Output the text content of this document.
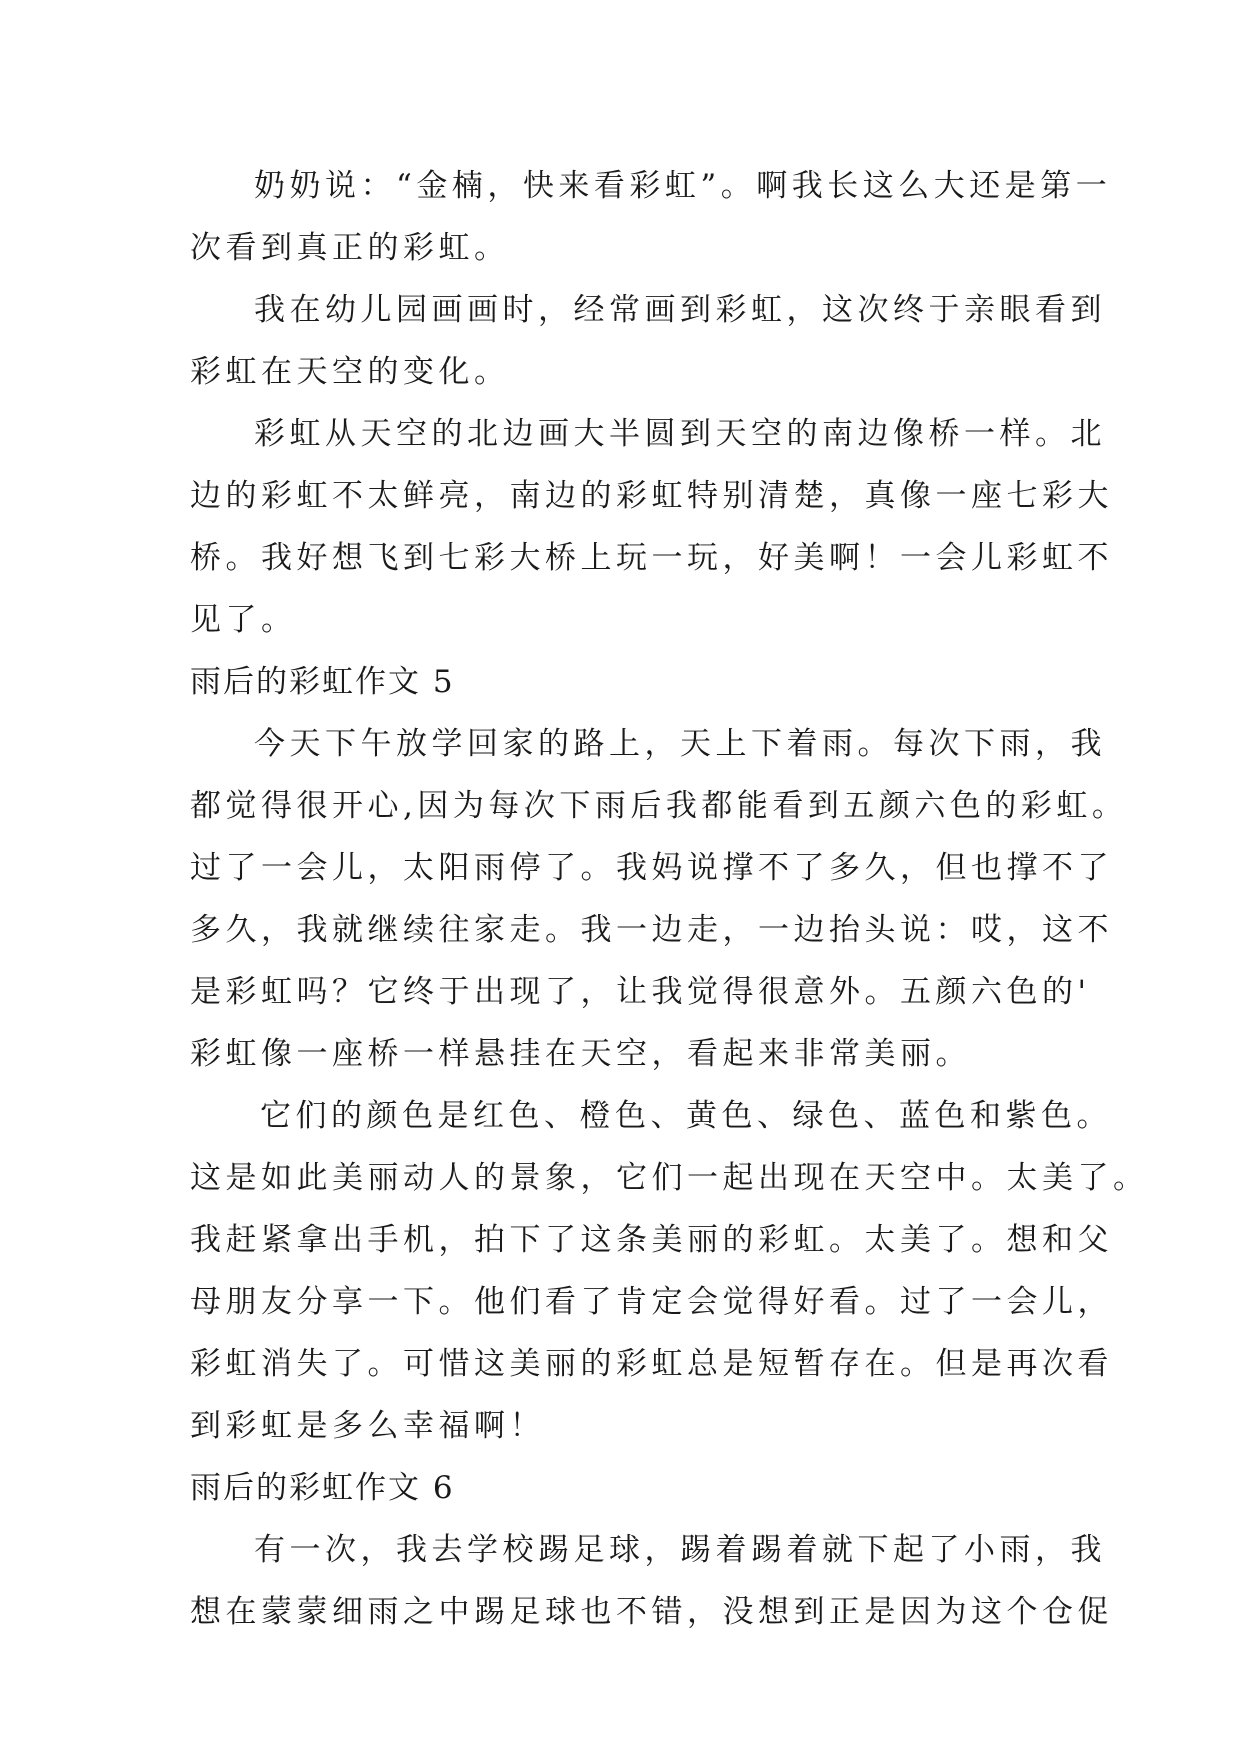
奶奶说：“金楠，快来看彩虹”。啊我长这么大还是第一
次看到真正的彩虹。
我在幼儿园画画时，经常画到彩虹，这次终于亲眼看到
彩虹在天空的变化。
彩虹从天空的北边画大半圆到天空的南边像桥一样。北
边的彩虹不太鲜亮，南边的彩虹特别清楚，真像一座七彩大
桥。我好想飞到七彩大桥上玩一玩，好美啊！一会儿彩虹不
见了。
雨后的彩虹作文 5
今天下午放学回家的路上，天上下着雨。每次下雨，我
都觉得很开心,因为每次下雨后我都能看到五颜六色的彩虹。
过了一会儿，太阳雨停了。我妈说撑不了多久，但也撑不了
多久，我就继续往家走。我一边走，一边抬头说：哎，这不
是彩虹吗？它终于出现了，让我觉得很意外。五颜六色的'
彩虹像一座桥一样悬挂在天空，看起来非常美丽。
它们的颜色是红色、橙色、黄色、绿色、蓝色和紫色。
这是如此美丽动人的景象，它们一起出现在天空中。太美了。
我赶紧拿出手机，拍下了这条美丽的彩虹。太美了。想和父
母朋友分享一下。他们看了肯定会觉得好看。过了一会儿，
彩虹消失了。可惜这美丽的彩虹总是短暂存在。但是再次看
到彩虹是多么幸福啊！
雨后的彩虹作文 6
有一次，我去学校踢足球，踢着踢着就下起了小雨，我
想在蒙蒙细雨之中踢足球也不错，没想到正是因为这个仓促
